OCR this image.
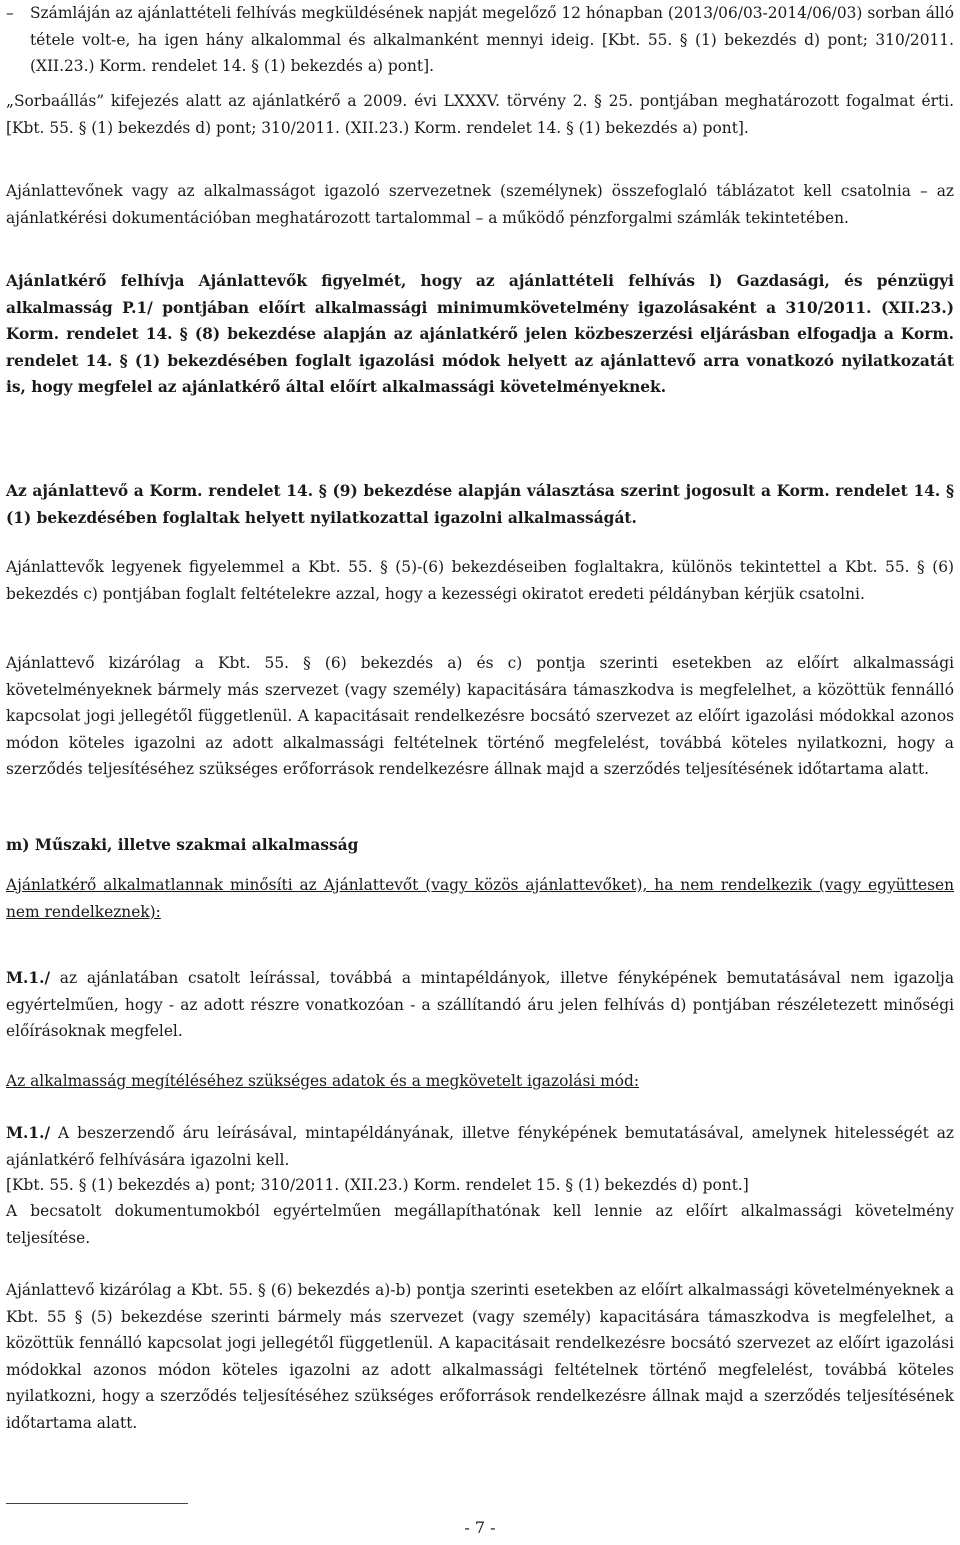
–	Számláján az ajánlattételi felhívás megküldésének napját megelőző 12 hónapban (2013/06/03-2014/06/03) sorban álló tétele volt-e, ha igen hány alkalommal és alkalmanként mennyi ideig. [Kbt. 55. § (1) bekezdés d) pont; 310/2011. (XII.23.) Korm. rendelet 14. § (1) bekezdés a) pont].

„Sorbaállás” kifejezés alatt az ajánlatkérő a 2009. évi LXXXV. törvény 2. § 25. pontjában meghatározott fogalmat érti. [Kbt. 55. § (1) bekezdés d) pont; 310/2011. (XII.23.) Korm. rendelet 14. § (1) bekezdés a) pont].

Ajánlattevőnek vagy az alkalmasságot igazoló szervezetnek (személynek) összefoglaló táblázatot kell csatolnia – az ajánlatkérési dokumentációban meghatározott tartalommal – a működő pénzforgalmi számlák tekintetében.

Ajánlatkérő felhívja Ajánlattevők figyelmét, hogy az ajánlattételi felhívás l) Gazdasági, és pénzügyi alkalmasság P.1/ pontjában előírt alkalmassági minimumkövetelmény igazolásaként a 310/2011. (XII.23.) Korm. rendelet 14. § (8) bekezdése alapján az ajánlatkérő jelen közbeszerzési eljárásban elfogadja a Korm. rendelet 14. § (1) bekezdésében foglalt igazolási módok helyett az ajánlattevő arra vonatkozó nyilatkozatát is, hogy megfelel az ajánlatkérő által előírt alkalmassági követelményeknek.

Az ajánlattevő a Korm. rendelet 14. § (9) bekezdése alapján választása szerint jogosult a Korm. rendelet 14. § (1) bekezdésében foglaltak helyett nyilatkozattal igazolni alkalmasságát.

Ajánlattevők legyenek figyelemmel a Kbt. 55. § (5)-(6) bekezdéseiben foglaltakra, különös tekintettel a Kbt. 55. § (6) bekezdés c) pontjában foglalt feltételekre azzal, hogy a kezességi okiratot eredeti példányban kérjük csatolni.

Ajánlattevő kizárólag a Kbt. 55. § (6) bekezdés a) és c) pontja szerinti esetekben az előírt alkalmassági követelményeknek bármely más szervezet (vagy személy) kapacitására támaszkodva is megfelelhet, a közöttük fennálló kapcsolat jogi jellegétől függetlenül. A kapacitásait rendelkezésre bocsátó szervezet az előírt igazolási módokkal azonos módon köteles igazolni az adott alkalmassági feltételnek történő megfelelést, továbbá köteles nyilatkozni, hogy a szerződés teljesítéséhez szükséges erőforrások rendelkezésre állnak majd a szerződés teljesítésének időtartama alatt.

m) Műszaki, illetve szakmai alkalmasság

Ajánlatkérő alkalmatlannak minősíti az Ajánlattevőt (vagy közös ajánlattevőket), ha nem rendelkezik (vagy együttesen nem rendelkeznek):

M.1./ az ajánlatában csatolt leírással, továbbá a mintapéldányok, illetve fényképének bemutatásával nem igazolja egyértelműen, hogy - az adott részre vonatkozóan - a szállítandó áru jelen felhívás d) pontjában részéletezett minőségi előírásoknak megfelel.

Az alkalmasság megítéléséhez szükséges adatok és a megkövetelt igazolási mód:

M.1./ A beszerzendő áru leírásával, mintapéldányának, illetve fényképének bemutatásával, amelynek hitelességét az ajánlatkérő felhívására igazolni kell.

[Kbt. 55. § (1) bekezdés a) pont; 310/2011. (XII.23.) Korm. rendelet 15. § (1) bekezdés d) pont.]

A becsatolt dokumentumokból egyértelműen megállapíthatónak kell lennie az előírt alkalmassági követelmény teljesítése.

Ajánlattevő kizárólag a Kbt. 55. § (6) bekezdés a)-b) pontja szerinti esetekben az előírt alkalmassági követelményeknek a Kbt. 55 § (5) bekezdése szerinti bármely más szervezet (vagy személy) kapacitására támaszkodva is megfelelhet, a közöttük fennálló kapcsolat jogi jellegétől függetlenül. A kapacitásait rendelkezésre bocsátó szervezet az előírt igazolási módokkal azonos módon köteles igazolni az adott alkalmassági feltételnek történő megfelelést, továbbá köteles nyilatkozni, hogy a szerződés teljesítéséhez szükséges erőforrások rendelkezésre állnak majd a szerződés teljesítésének időtartama alatt.

- 7 -
